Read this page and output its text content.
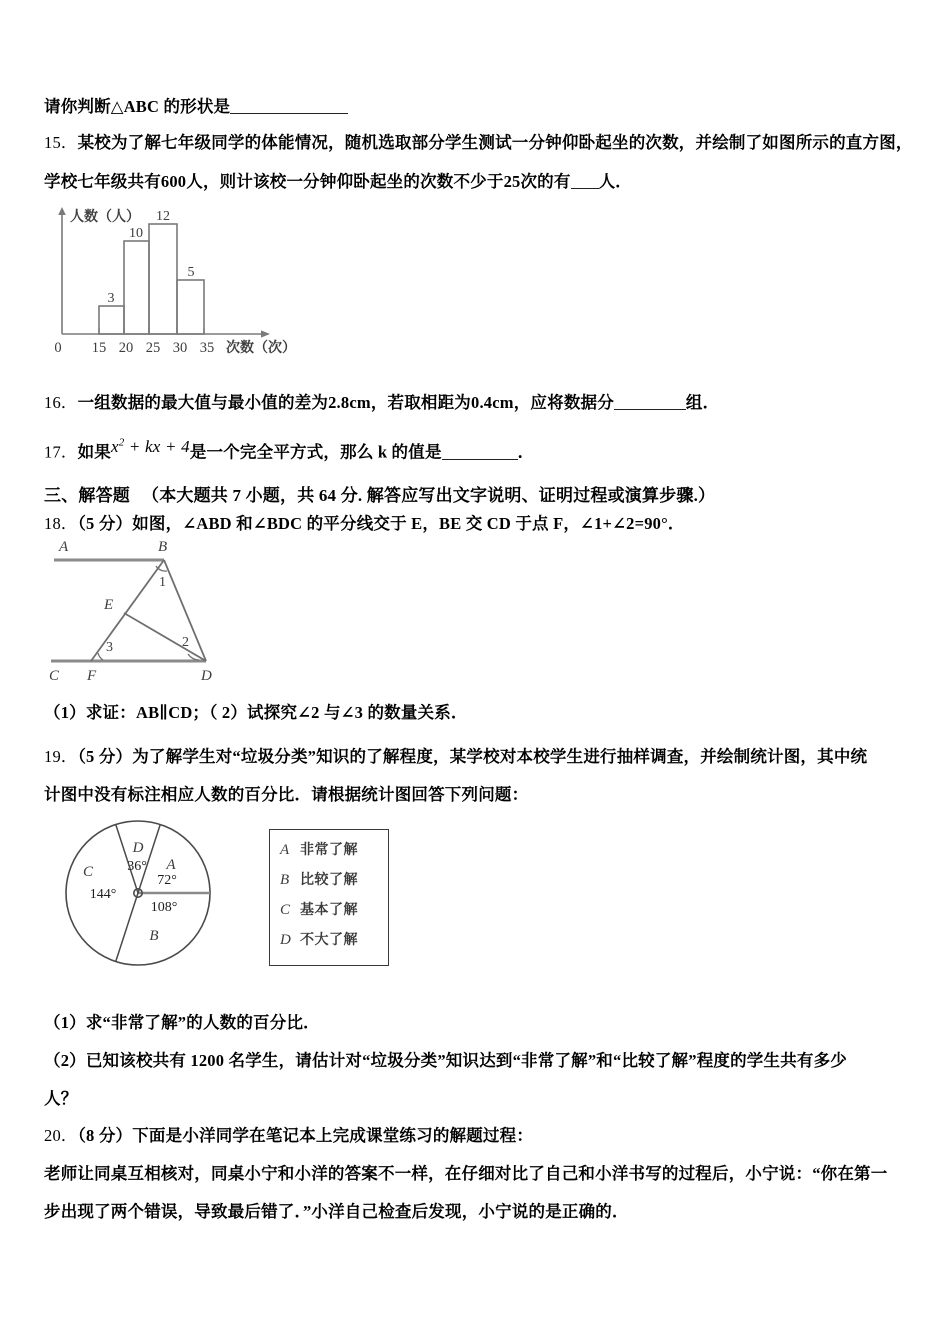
请你判断△ABC 的形状是
15．某校为了解七年级同学的体能情况，随机选取部分学生测试一分钟仰卧起坐的次数，并绘制了如图所示的直方图，
学校七年级共有600人，则计该校一分钟仰卧起坐的次数不少于25次的有 人．
3
10
12
5
0 15 20 25 30 35
人数（人）
次数（次）
16．一组数据的最大值与最小值的差为2.8cm，若取相距为0.4cm，应将数据分	组．
17．如果$x^2$ + kx + 4是一个完全平方式，那么 k 的值是	．
三、解答题 （本大题共 7 小题，共 64 分. 解答应写出文字说明、证明过程或演算步骤.）
18．（5 分）如图，∠ABD 和∠BDC 的平分线交于 E，BE 交 CD 于点 F，∠1+∠2=90°．
A	B
C	D
E
F
1
2
3
（1）求证：AB∥CD；（ 2）试探究∠2 与∠3 的数量关系．
19．（5 分）为了解学生对“垃圾分类”知识的了解程度，某学校对本校学生进行抽样调查，并绘制统计图，其中统
计图中没有标注相应人数的百分比．请根据统计图回答下列问题：
A
B
C
D
72°
108°
144°
36°
A 非常了解
B 比较了解
C 基本了解
D 不大了解
（1）求“非常了解”的人数的百分比．
（2）已知该校共有 1200 名学生，请估计对“垃圾分类”知识达到“非常了解”和“比较了解”程度的学生共有多少
人？
20．（8 分）下面是小洋同学在笔记本上完成课堂练习的解题过程：
老师让同桌互相核对，同桌小宁和小洋的答案不一样，在仔细对比了自己和小洋书写的过程后，小宁说：“你在第一
步出现了两个错误，导致最后错了．”小洋自己检查后发现，小宁说的是正确的．
